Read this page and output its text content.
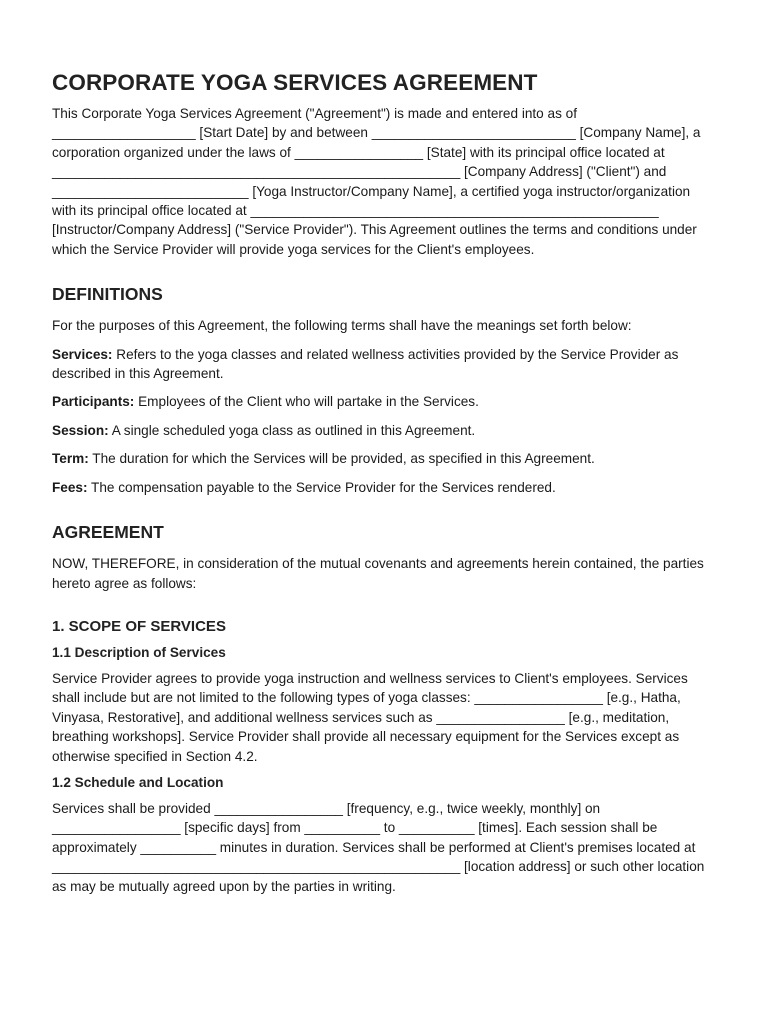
CORPORATE YOGA SERVICES AGREEMENT

This Corporate Yoga Services Agreement ("Agreement") is made and entered into as of ___________________ [Start Date] by and between ___________________________ [Company Name], a corporation organized under the laws of _________________ [State] with its principal office located at ______________________________________________________ [Company Address] ("Client") and __________________________ [Yoga Instructor/Company Name], a certified yoga instructor/organization with its principal office located at ______________________________________________________ [Instructor/Company Address] ("Service Provider"). This Agreement outlines the terms and conditions under which the Service Provider will provide yoga services for the Client's employees.

DEFINITIONS

For the purposes of this Agreement, the following terms shall have the meanings set forth below:

Services: Refers to the yoga classes and related wellness activities provided by the Service Provider as described in this Agreement.

Participants: Employees of the Client who will partake in the Services.

Session: A single scheduled yoga class as outlined in this Agreement.

Term: The duration for which the Services will be provided, as specified in this Agreement.

Fees: The compensation payable to the Service Provider for the Services rendered.

AGREEMENT

NOW, THEREFORE, in consideration of the mutual covenants and agreements herein contained, the parties hereto agree as follows:

1. SCOPE OF SERVICES
1.1 Description of Services

Service Provider agrees to provide yoga instruction and wellness services to Client's employees. Services shall include but are not limited to the following types of yoga classes: _________________ [e.g., Hatha, Vinyasa, Restorative], and additional wellness services such as _________________ [e.g., meditation, breathing workshops]. Service Provider shall provide all necessary equipment for the Services except as otherwise specified in Section 4.2.

1.2 Schedule and Location

Services shall be provided _________________ [frequency, e.g., twice weekly, monthly] on _________________ [specific days] from __________ to __________ [times]. Each session shall be approximately __________ minutes in duration. Services shall be performed at Client's premises located at ______________________________________________________ [location address] or such other location as may be mutually agreed upon by the parties in writing.
